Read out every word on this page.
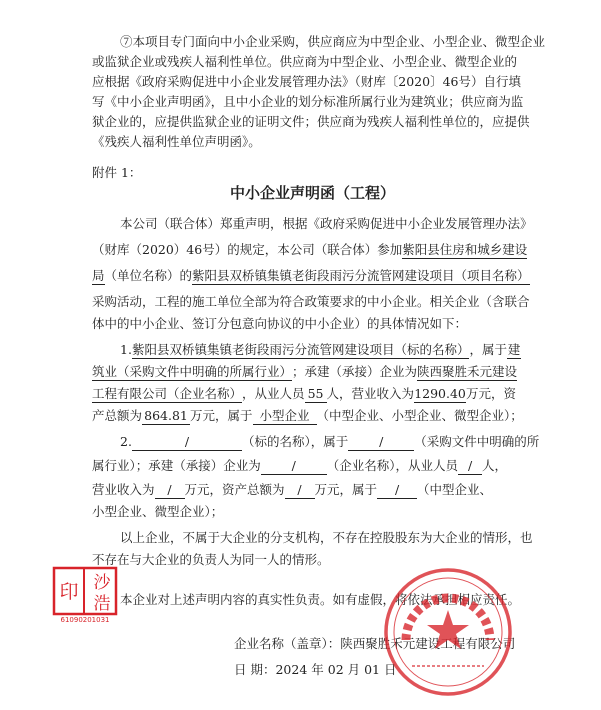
⑦本项目专门面向中小企业采购，供应商应为中型企业、小型企业、微型企业
或监狱企业或残疾人福利性单位。供应商为中型企业、小型企业、微型企业的
应根据《政府采购促进中小企业发展管理办法》（财库〔2020〕46号）自行填
写《中小企业声明函》，且中小企业的划分标准所属行业为建筑业；供应商为监
狱企业的，应提供监狱企业的证明文件；供应商为残疾人福利性单位的，应提供
《残疾人福利性单位声明函》。
附件 1：
中小企业声明函（工程）
本公司（联合体）郑重声明，根据《政府采购促进中小企业发展管理办法》
（财库（2020）46号）的规定，本公司（联合体）参加紫阳县住房和城乡建设
局（单位名称）的紫阳县双桥镇集镇老街段雨污分流管网建设项目（项目名称）
采购活动，工程的施工单位全部为符合政策要求的中小企业。相关企业（含联合
体中的中小企业、签订分包意向协议的中小企业）的具体情况如下：
1.紫阳县双桥镇集镇老街段雨污分流管网建设项目（标的名称），属于建
筑业（采购文件中明确的所属行业）；承建（承接）企业为陕西聚胜禾元建设
工程有限公司（企业名称），从业人员 55 人，营业收入为1290.40万元，资
产总额为 864.81 万元，属于 小型企业 （中型企业、小型企业、微型企业）；
2.	/	（标的名称），属于 / （采购文件中明确的所
属行业）；承建（承接）企业为 / （企业名称），从业人员 / 人，
营业收入为 / 万元，资产总额为 / 万元，属于 / （中型企业、
小型企业、微型企业）；
以上企业，不属于大企业的分支机构，不存在控股股东为大企业的情形，也
不存在与大企业的负责人为同一人的情形。
本企业对上述声明内容的真实性负责。如有虚假，将依法承担相应责任。
企业名称（盖章）：陕西聚胜禾元建设工程有限公司
日 期：2024 年 02 月 01 日
沙
印
浩
61090201031
